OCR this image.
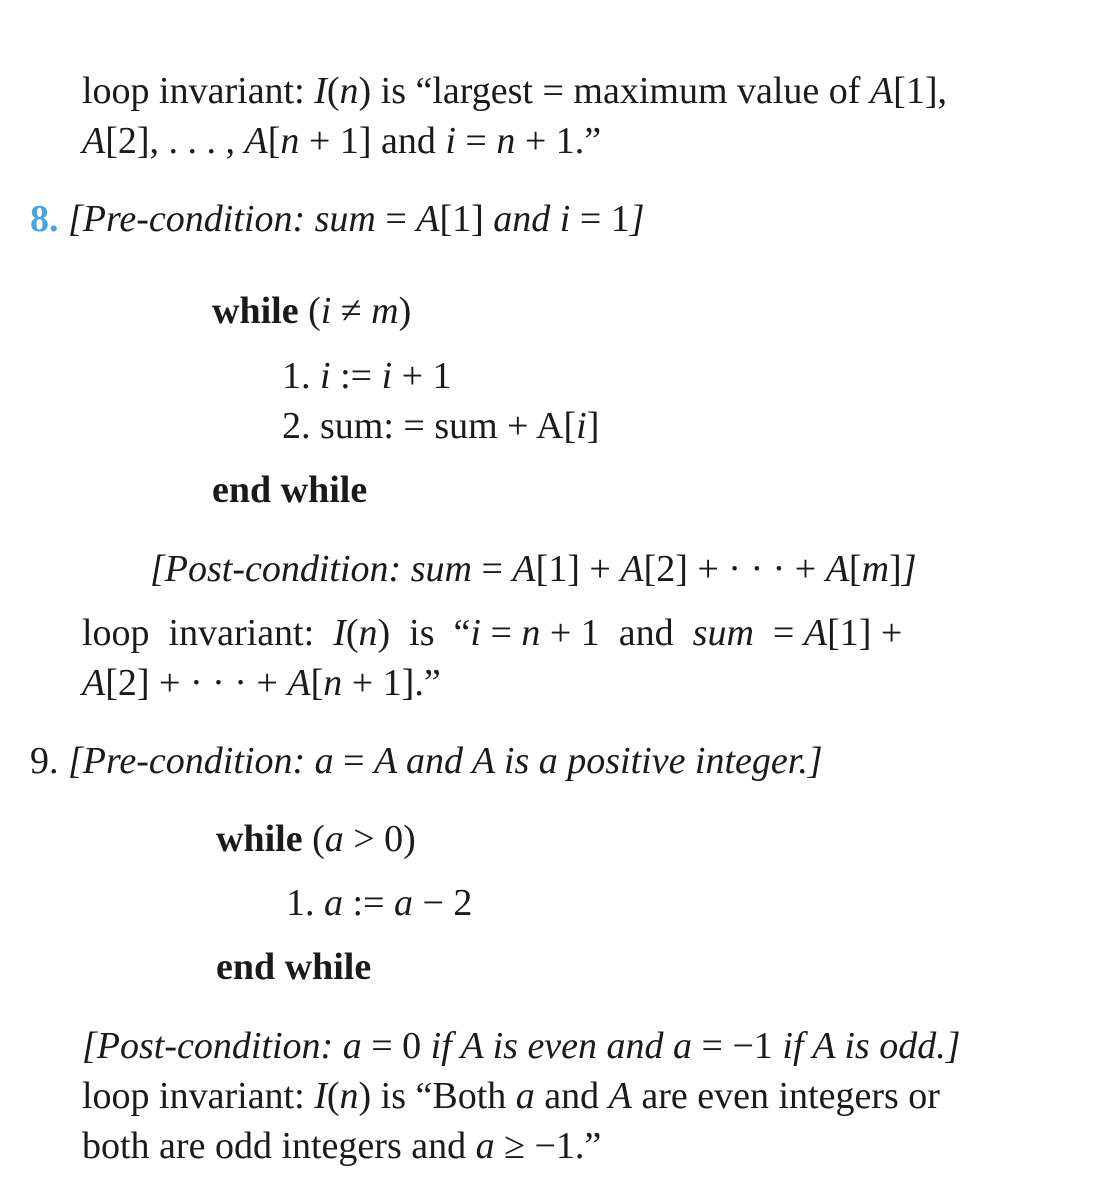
loop invariant: I(n) is “largest = maximum value of A[1],
A[2], . . . , A[n + 1] and i = n + 1.”
8. [Pre-condition: sum = A[1] and i = 1]
while (i ≠ m)
1. i := i + 1
2. sum: = sum + A[i]
end while
[Post-condition: sum = A[1] + A[2] + · · · + A[m]]
loop  invariant:  I(n)  is  “i = n + 1  and  sum  = A[1] +
A[2] + · · · + A[n + 1].”
9. [Pre-condition: a = A and A is a positive integer.]
while (a > 0)
1. a := a − 2
end while
[Post-condition: a = 0 if A is even and a = −1 if A is odd.]
loop invariant: I(n) is “Both a and A are even integers or
both are odd integers and a ≥ −1.”
